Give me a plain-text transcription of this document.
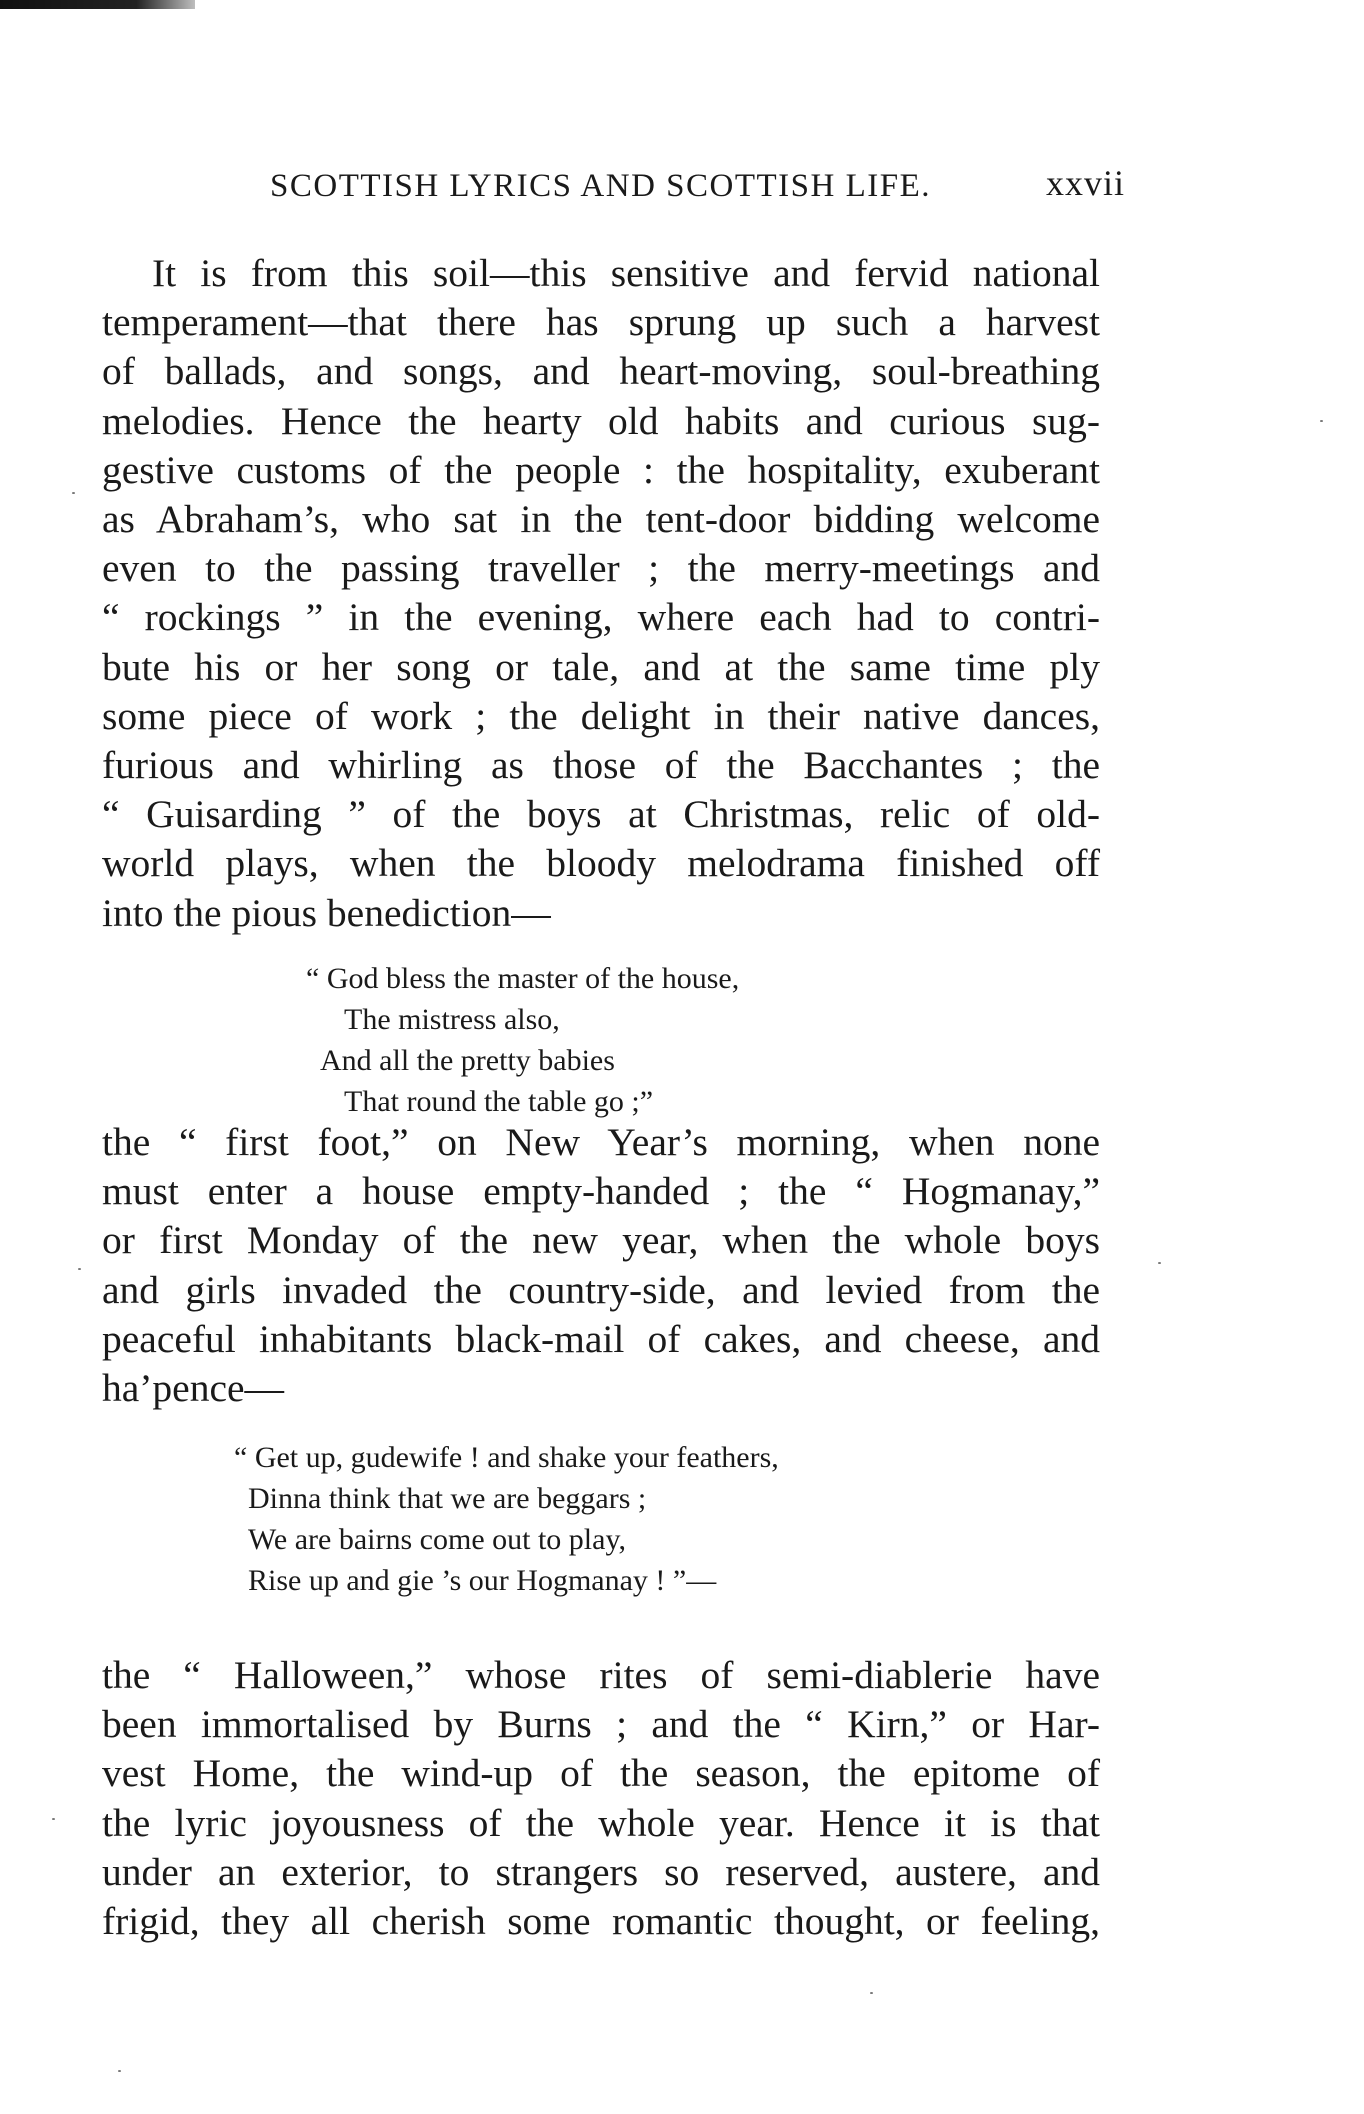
SCOTTISH LYRICS AND SCOTTISH LIFE.	xxvii
It is from this soil—this sensitive and fervid national
temperament—that there has sprung up such a harvest
of ballads, and songs, and heart-moving, soul-breathing
melodies. Hence the hearty old habits and curious sug-
gestive customs of the people : the hospitality, exuberant
as Abraham’s, who sat in the tent-door bidding welcome
even to the passing traveller ; the merry-meetings and
“ rockings ” in the evening, where each had to contri-
bute his or her song or tale, and at the same time ply
some piece of work ; the delight in their native dances,
furious and whirling as those of the Bacchantes ; the
“ Guisarding ” of the boys at Christmas, relic of old-
world plays, when the bloody melodrama finished off
into the pious benediction—
“ God bless the master of the house,
The mistress also,
And all the pretty babies
That round the table go ;”
the “ first foot,” on New Year’s morning, when none
must enter a house empty-handed ; the “ Hogmanay,”
or first Monday of the new year, when the whole boys
and girls invaded the country-side, and levied from the
peaceful inhabitants black-mail of cakes, and cheese, and
ha’pence—
“ Get up, gudewife ! and shake your feathers,
Dinna think that we are beggars ;
We are bairns come out to play,
Rise up and gie ’s our Hogmanay ! ”—
the “ Halloween,” whose rites of semi-diablerie have
been immortalised by Burns ; and the “ Kirn,” or Har-
vest Home, the wind-up of the season, the epitome of
the lyric joyousness of the whole year. Hence it is that
under an exterior, to strangers so reserved, austere, and
frigid, they all cherish some romantic thought, or feeling,
